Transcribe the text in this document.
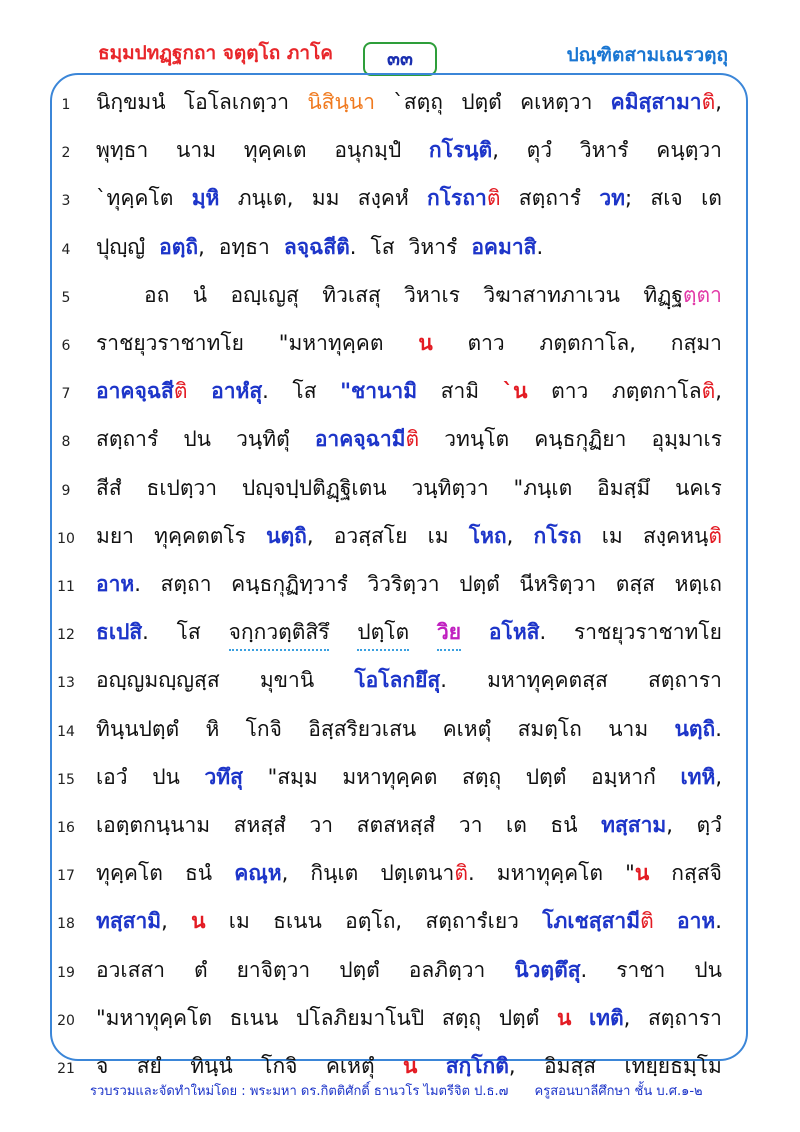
ธมฺมปทฏฺฐกถา จตุตฺโถ ภาโค	๓๓	ปณฺฑิตสามเณรวตฺถุ
1	นิกฺขมนํ โอโลเกตฺวา นิสินฺนา `สตฺถุ ปตฺตํ คเหตฺวา คมิสฺสามาติ,
2	พุทฺธา นาม ทุคฺคเต อนุกมฺปํ กโรนฺติ, ตุวํ วิหารํ คนฺตฺวา
3	`ทุคฺคโต มฺหิ ภนฺเต, มม สงฺคหํ กโรถาติ สตฺถารํ วท; สเจ เต
4	ปุญฺญํ อตฺถิ, อทฺธา ลจฺฉสีติ. โส วิหารํ อคมาสิ.
5	อถ นํ อญฺเญสุ ทิวเสสุ วิหาเร วิฆาสาทภาเวน ทิฏฺฐตฺตา
6	ราชยุวราชาทโย "มหาทุคฺคต น ตาว ภตฺตกาโล, กสฺมา
7	อาคจฺฉสีติ อาหํสุ. โส "ชานามิ สามิ `น ตาว ภตฺตกาโลติ,
8	สตฺถารํ ปน วนฺทิตุํ อาคจฺฉามีติ วทนฺโต คนฺธกุฏิยา อุมฺมาเร
9	สีสํ ธเปตฺวา ปญฺจปฺปติฏฺฐิเตน วนฺทิตฺวา "ภนฺเต อิมสฺมึ นคเร
10 มยา ทุคฺคตตโร นตฺถิ, อวสฺสโย เม โหถ, กโรถ เม สงฺคหนฺติ
11 อาห. สตฺถา คนฺธกุฏิทฺวารํ วิวริตฺวา ปตฺตํ นีหริตฺวา ตสฺส หตฺเถ
12 ธเปสิ. โส จกฺกวตฺติสิรึ ปตฺโต วิย อโหสิ. ราชยุวราชาทโย
13 อญฺญมญฺญสฺส มุขานิ โอโลกยึสุ. มหาทุคฺคตสฺส สตฺถารา
14 ทินฺนปตฺตํ หิ โกจิ อิสฺสริยวเสน คเหตุํ สมตฺโถ นาม นตฺถิ.
15 เอวํ ปน วทึสุ "สมฺม มหาทุคฺคต สตฺถุ ปตฺตํ อมฺหากํ เทหิ,
16 เอตฺตกนฺนาม สหสฺสํ วา สตสหสฺสํ วา เต ธนํ ทสฺสาม, ตฺวํ
17 ทุคฺคโต ธนํ คณฺห, กินฺเต ปตฺเตนาติ. มหาทุคฺคโต "น กสฺสจิ
18 ทสฺสามิ, น เม ธเนน อตฺโถ, สตฺถารํเยว โภเชสฺสามีติ อาห.
19 อวเสสา ตํ ยาจิตฺวา ปตฺตํ อลภิตฺวา นิวตฺตึสุ. ราชา ปน
20 "มหาทุคฺคโต ธเนน ปโลภิยมาโนปิ สตฺถุ ปตฺตํ น เทติ, สตฺถารา
21 จ สยํ ทินฺนํ โกจิ คเหตุํ น สกฺโกติ, อิมสฺส เทยฺยธมฺโม
รวบรวมและจัดทำใหม่โดย : พระมหา ดร.กิตติศักดิ์ ธานวโร ไมตรีจิต ป.ธ.๗ ครูสอนบาลีศึกษา ชั้น บ.ศ.๑-๒
